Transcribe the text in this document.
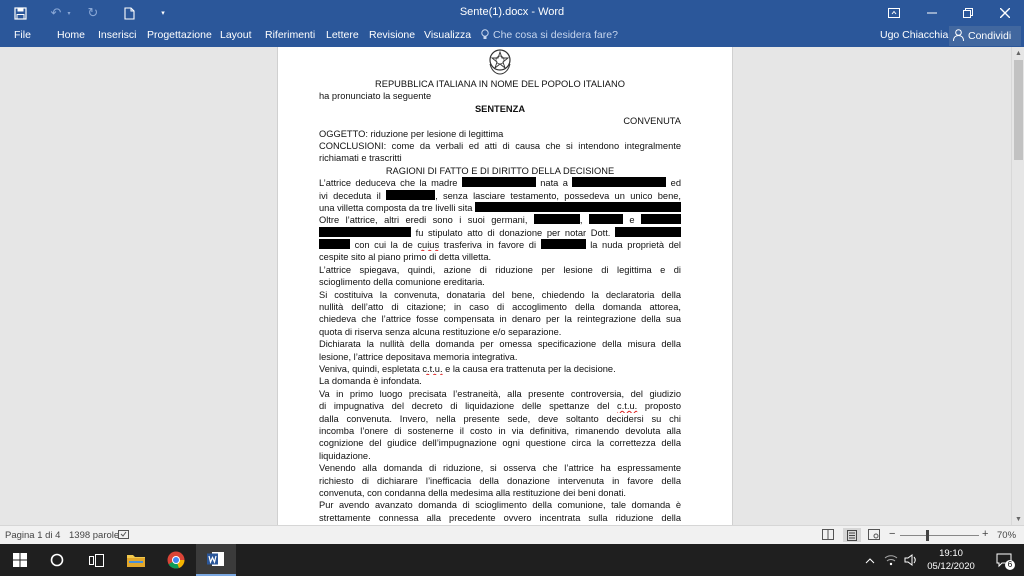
↶	▾	↻	▾	Sente(1).docx - Word
File Home Inserisci Progettazione Layout Riferimenti Lettere Revisione Visualizza Che cosa si desidera fare?	Ugo Chiacchia Condividi
REPUBBLICA ITALIANA IN NOME DEL POPOLO ITALIANO
ha pronunciato la seguente
SENTENZA
CONVENUTA
OGGETTO: riduzione per lesione di legittima
CONCLUSIONI: come da verbali ed atti di causa che si intendono integralmente
richiamati e trascritti
RAGIONI DI FATTO E DI DIRITTO DELLA DECISIONE
L’attrice deduceva che la madre	nata a	ed
ivi deceduta il	, senza lasciare testamento, possedeva un unico bene,
una villetta composta da tre livelli sita
Oltre l’attrice, altri eredi sono i suoi germani,	,	e
fu stipulato atto di donazione per notar Dott.
con cui la de cuius trasferiva in favore di	la nuda proprietà del
cespite sito al piano primo di detta villetta.
L’attrice spiegava, quindi, azione di riduzione per lesione di legittima e di
scioglimento della comunione ereditaria.
Si costituiva la convenuta, donataria del bene, chiedendo la declaratoria della
nullità dell’atto di citazione; in caso di accoglimento della domanda attorea,
chiedeva che l’attrice fosse compensata in denaro per la reintegrazione della sua
quota di riserva senza alcuna restituzione e/o separazione.
Dichiarata la nullità della domanda per omessa specificazione della misura della
lesione, l’attrice depositava memoria integrativa.
Veniva, quindi, espletata c.t.u. e la causa era trattenuta per la decisione.
La domanda è infondata.
Va in primo luogo precisata l’estraneità, alla presente controversia, del giudizio
di impugnativa del decreto di liquidazione delle spettanze del c.t.u. proposto
dalla convenuta. Invero, nella presente sede, deve soltanto decidersi su chi
incomba l’onere di sostenerne il costo in via definitiva, rimanendo devoluta alla
cognizione del giudice dell’impugnazione ogni questione circa la correttezza della
liquidazione.
Venendo alla domanda di riduzione, si osserva che l’attrice ha espressamente
richiesto di dichiarare l’inefficacia della donazione intervenuta in favore della
convenuta, con condanna della medesima alla restituzione dei beni donati.
Pur avendo avanzato domanda di scioglimento della comunione, tale domanda è
strettamente connessa alla precedente ovvero incentrata sulla riduzione della
▲
▼
Pagina 1 di 4 1398 parole	−	+ 70%
19:10
05/12/2020	6
